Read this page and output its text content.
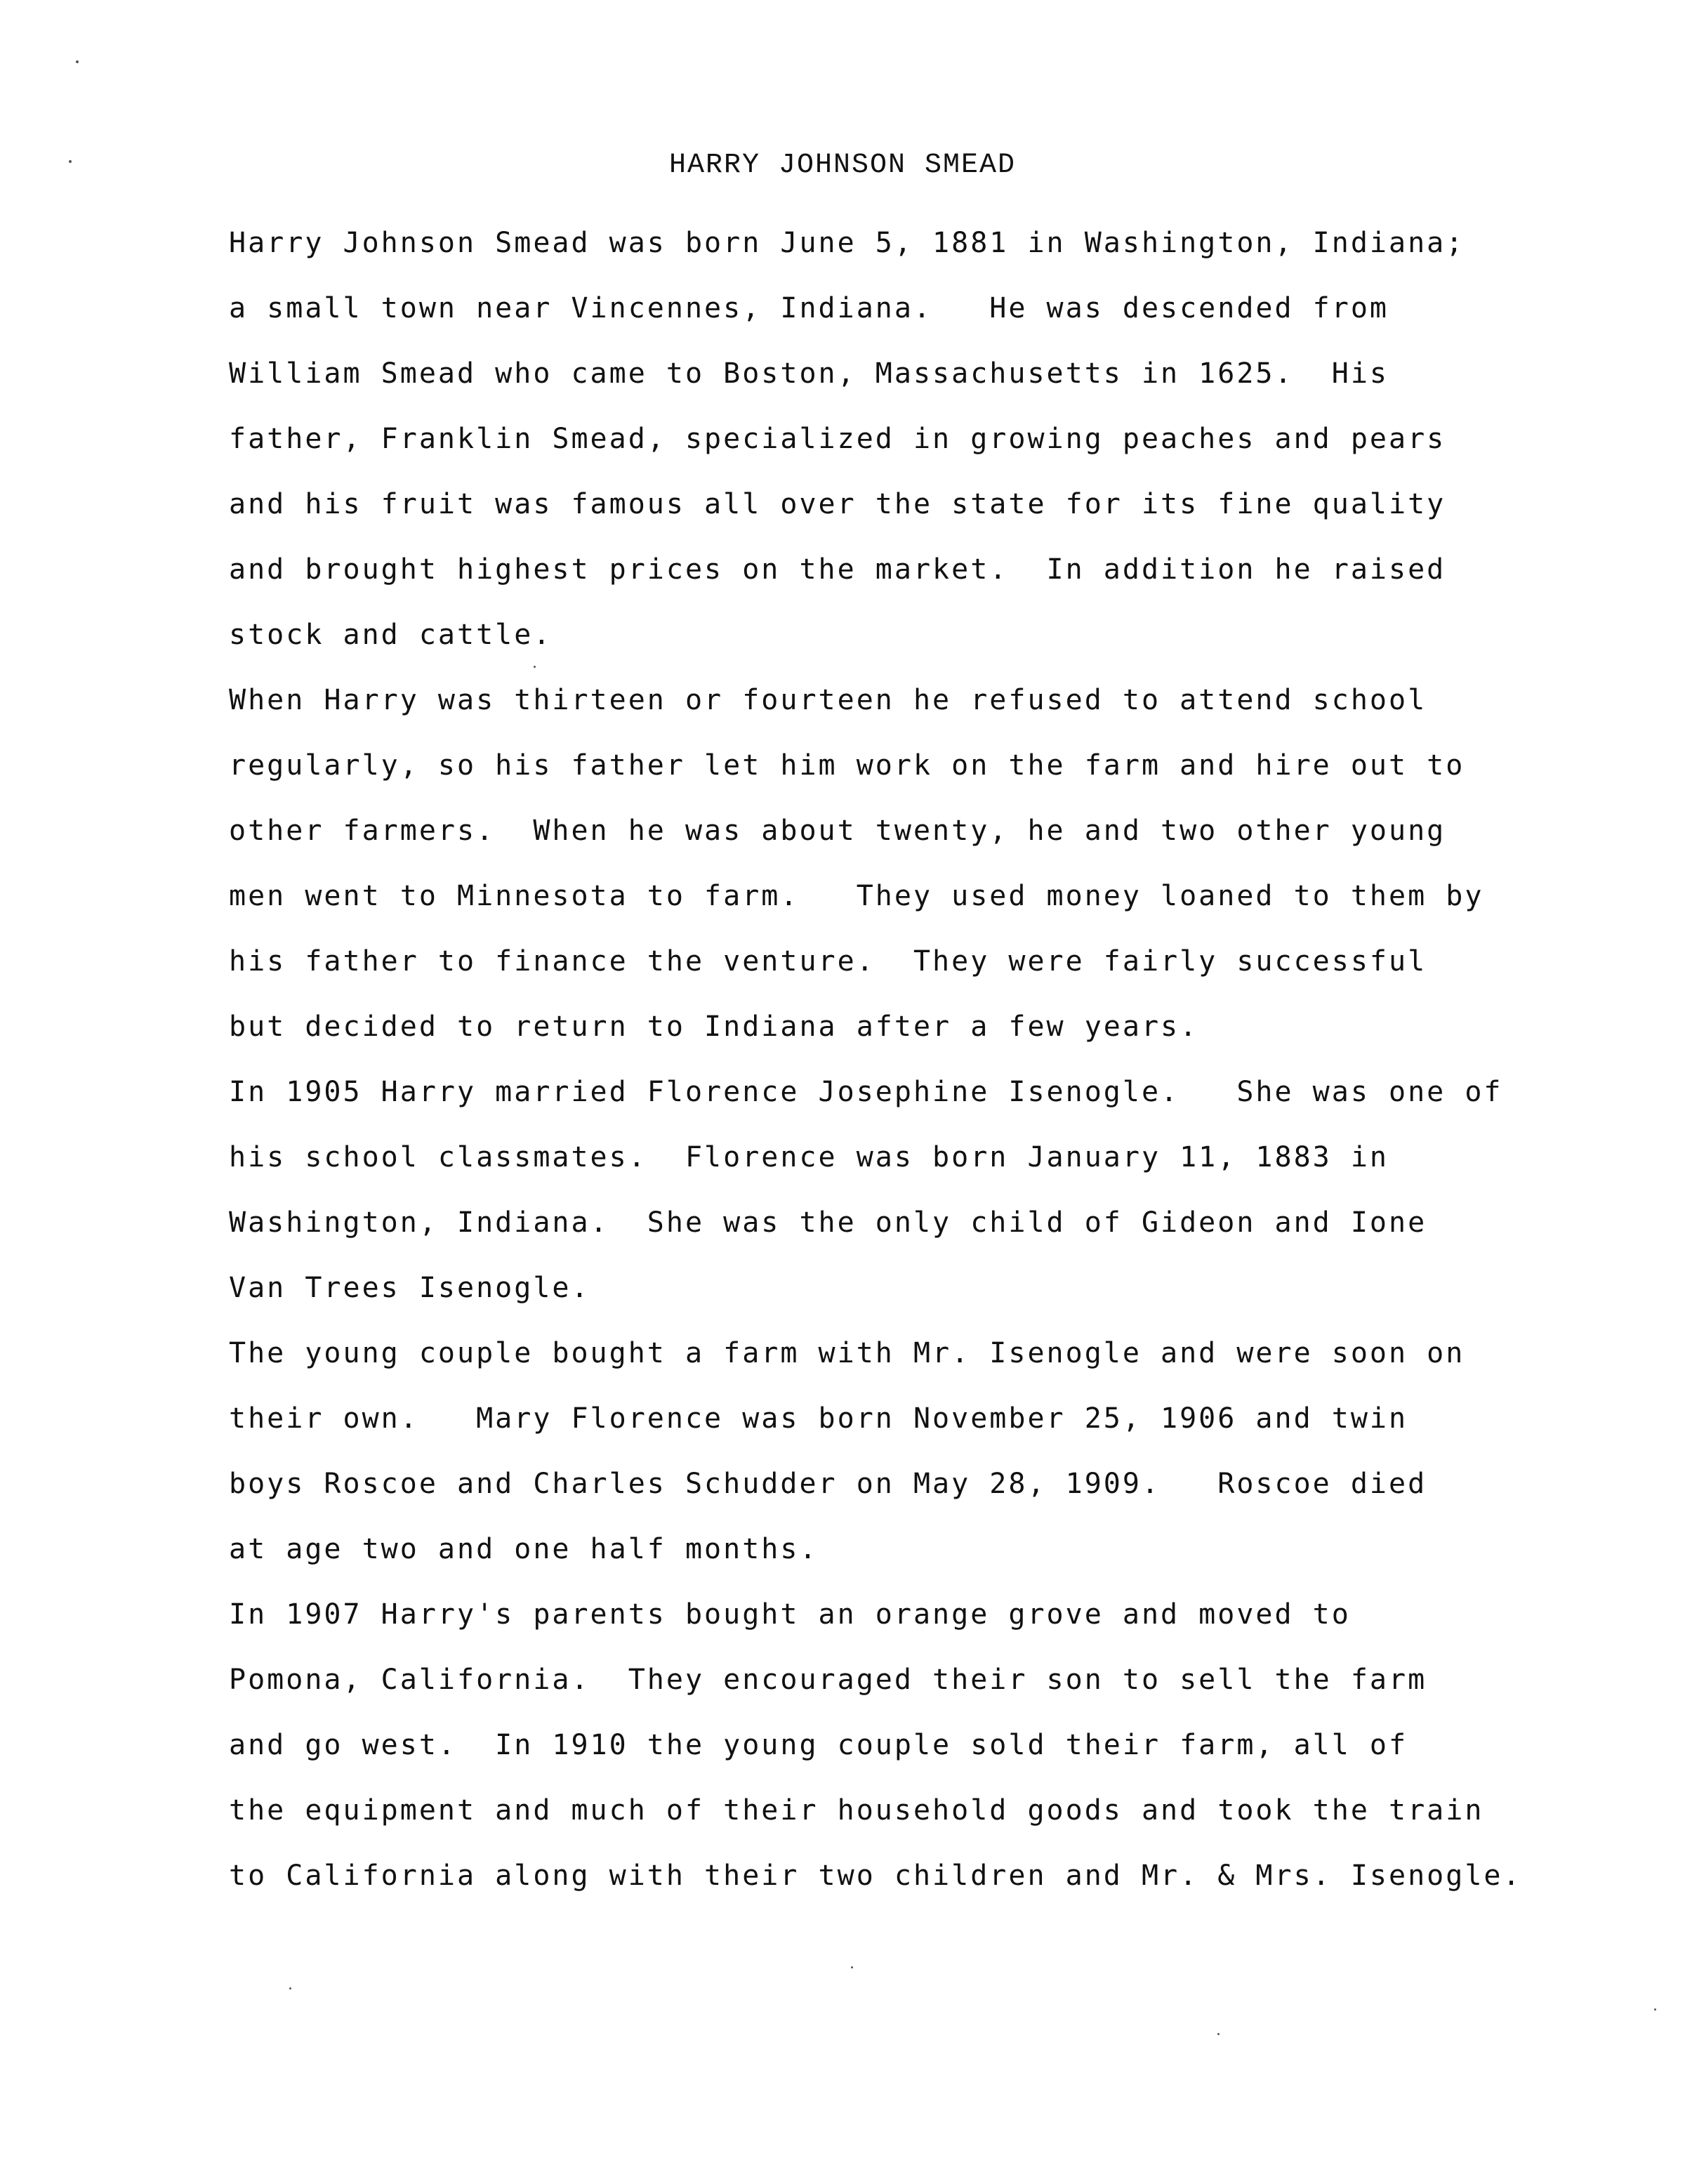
HARRY JOHNSON SMEAD
Harry Johnson Smead was born June 5, 1881 in Washington, Indiana;
a small town near Vincennes, Indiana.   He was descended from
William Smead who came to Boston, Massachusetts in 1625.  His
father, Franklin Smead, specialized in growing peaches and pears
and his fruit was famous all over the state for its fine quality
and brought highest prices on the market.  In addition he raised
stock and cattle.
When Harry was thirteen or fourteen he refused to attend school
regularly, so his father let him work on the farm and hire out to
other farmers.  When he was about twenty, he and two other young
men went to Minnesota to farm.   They used money loaned to them by
his father to finance the venture.  They were fairly successful
but decided to return to Indiana after a few years.
In 1905 Harry married Florence Josephine Isenogle.   She was one of
his school classmates.  Florence was born January 11, 1883 in
Washington, Indiana.  She was the only child of Gideon and Ione
Van Trees Isenogle.
The young couple bought a farm with Mr. Isenogle and were soon on
their own.   Mary Florence was born November 25, 1906 and twin
boys Roscoe and Charles Schudder on May 28, 1909.   Roscoe died
at age two and one half months.
In 1907 Harry's parents bought an orange grove and moved to
Pomona, California.  They encouraged their son to sell the farm
and go west.  In 1910 the young couple sold their farm, all of
the equipment and much of their household goods and took the train
to California along with their two children and Mr. & Mrs. Isenogle.
